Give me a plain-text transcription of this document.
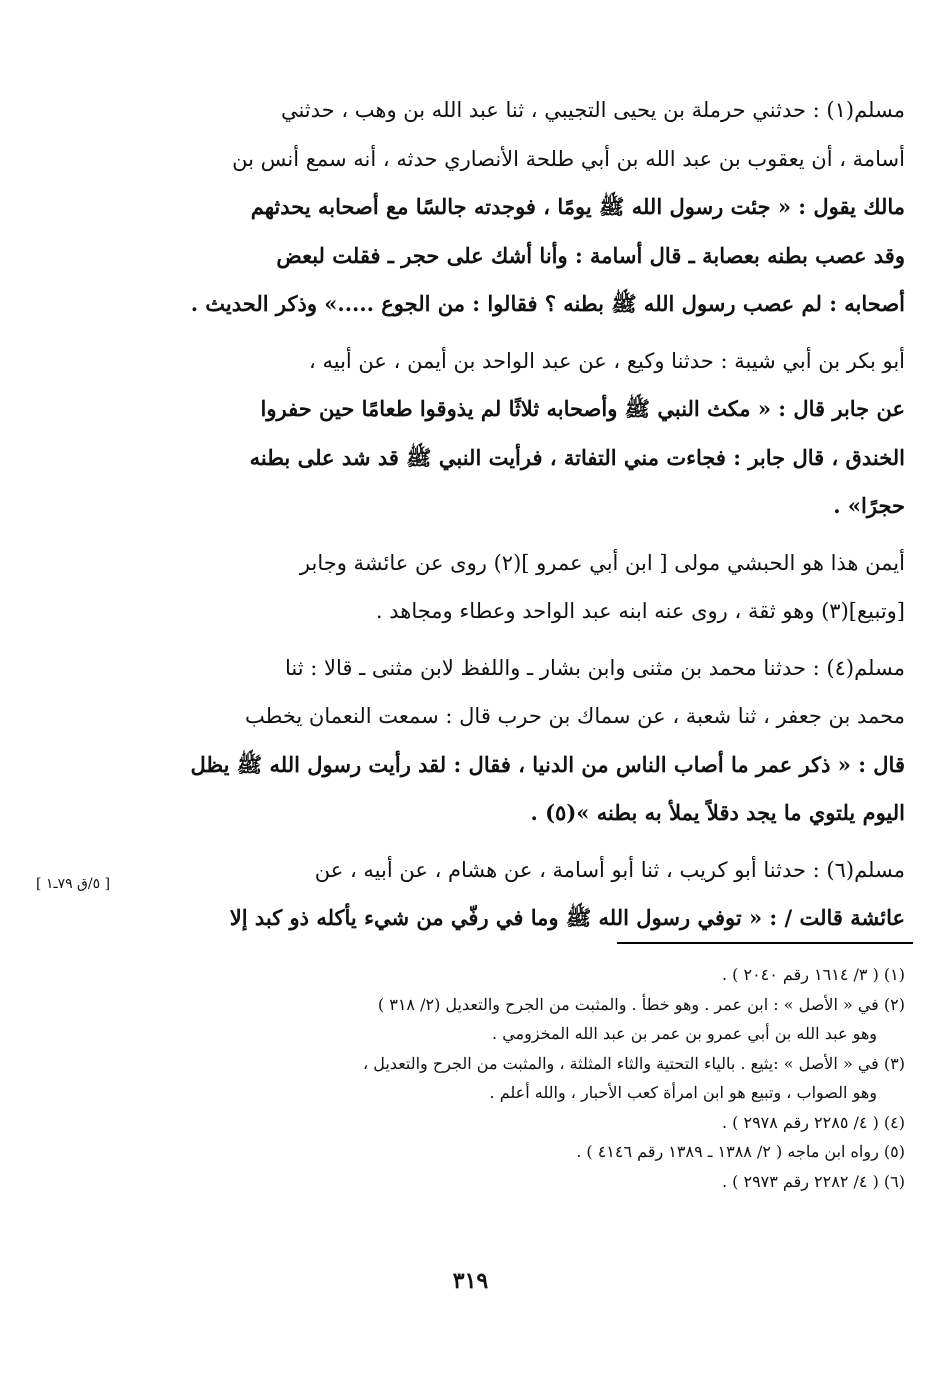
مسلم(١) : حدثني حرملة بن يحيى التجيبي ، ثنا عبد الله بن وهب ، حدثني
أسامة ، أن يعقوب بن عبد الله بن أبي طلحة الأنصاري حدثه ، أنه سمع أنس بن
مالك يقول : « جئت رسول الله ﷺ يومًا ، فوجدته جالسًا مع أصحابه يحدثهم
وقد عصب بطنه بعصابة ـ قال أسامة : وأنا أشك على حجر ـ فقلت لبعض
أصحابه : لم عصب رسول الله ﷺ بطنه ؟ فقالوا : من الجوع .....» وذكر الحديث .

أبو بكر بن أبي شيبة : حدثنا وكيع ، عن عبد الواحد بن أيمن ، عن أبيه ،
عن جابر قال : « مكث النبي ﷺ وأصحابه ثلاثًا لم يذوقوا طعامًا حين حفروا
الخندق ، قال جابر : فجاءت مني التفاتة ، فرأيت النبي ﷺ قد شد على بطنه
حجرًا» .

أيمن هذا هو الحبشي مولى [ ابن أبي عمرو ](٢) روى عن عائشة وجابر
[وتبيع](٣) وهو ثقة ، روى عنه ابنه عبد الواحد وعطاء ومجاهد .

مسلم(٤) : حدثنا محمد بن مثنى وابن بشار ـ واللفظ لابن مثنى ـ قالا : ثنا
محمد بن جعفر ، ثنا شعبة ، عن سماك بن حرب قال : سمعت النعمان يخطب
قال : « ذكر عمر ما أصاب الناس من الدنيا ، فقال : لقد رأيت رسول الله ﷺ يظل
اليوم يلتوي ما يجد دقلاً يملأ به بطنه »(٥) .

مسلم(٦) : حدثنا أبو كريب ، ثنا أبو أسامة ، عن هشام ، عن أبيه ، عن
عائشة قالت / : « توفي رسول الله ﷺ وما في رفّي من شيء يأكله ذو كبد إلا

[ ٥/ق ٧٩ـ١ ]
(١) ( ٣/ ١٦١٤ رقم ٢٠٤٠ ) .
(٢) في « الأصل » : ابن عمر . وهو خطأ . والمثبت من الجرح والتعديل (٢/ ٣١٨ )
وهو عبد الله بن أبي عمرو بن عمر بن عبد الله المخزومي .
(٣) في « الأصل » :يثيع . بالياء التحتية والثاء المثلثة ، والمثبت من الجرح والتعديل ،
وهو الصواب ، وتبيع هو ابن امرأة كعب الأحبار ، والله أعلم .
(٤) ( ٤/ ٢٢٨٥ رقم ٢٩٧٨ ) .
(٥) رواه ابن ماجه ( ٢/ ١٣٨٨ ـ ١٣٨٩ رقم ٤١٤٦ ) .
(٦) ( ٤/ ٢٢٨٢ رقم ٢٩٧٣ ) .
٣١٩
